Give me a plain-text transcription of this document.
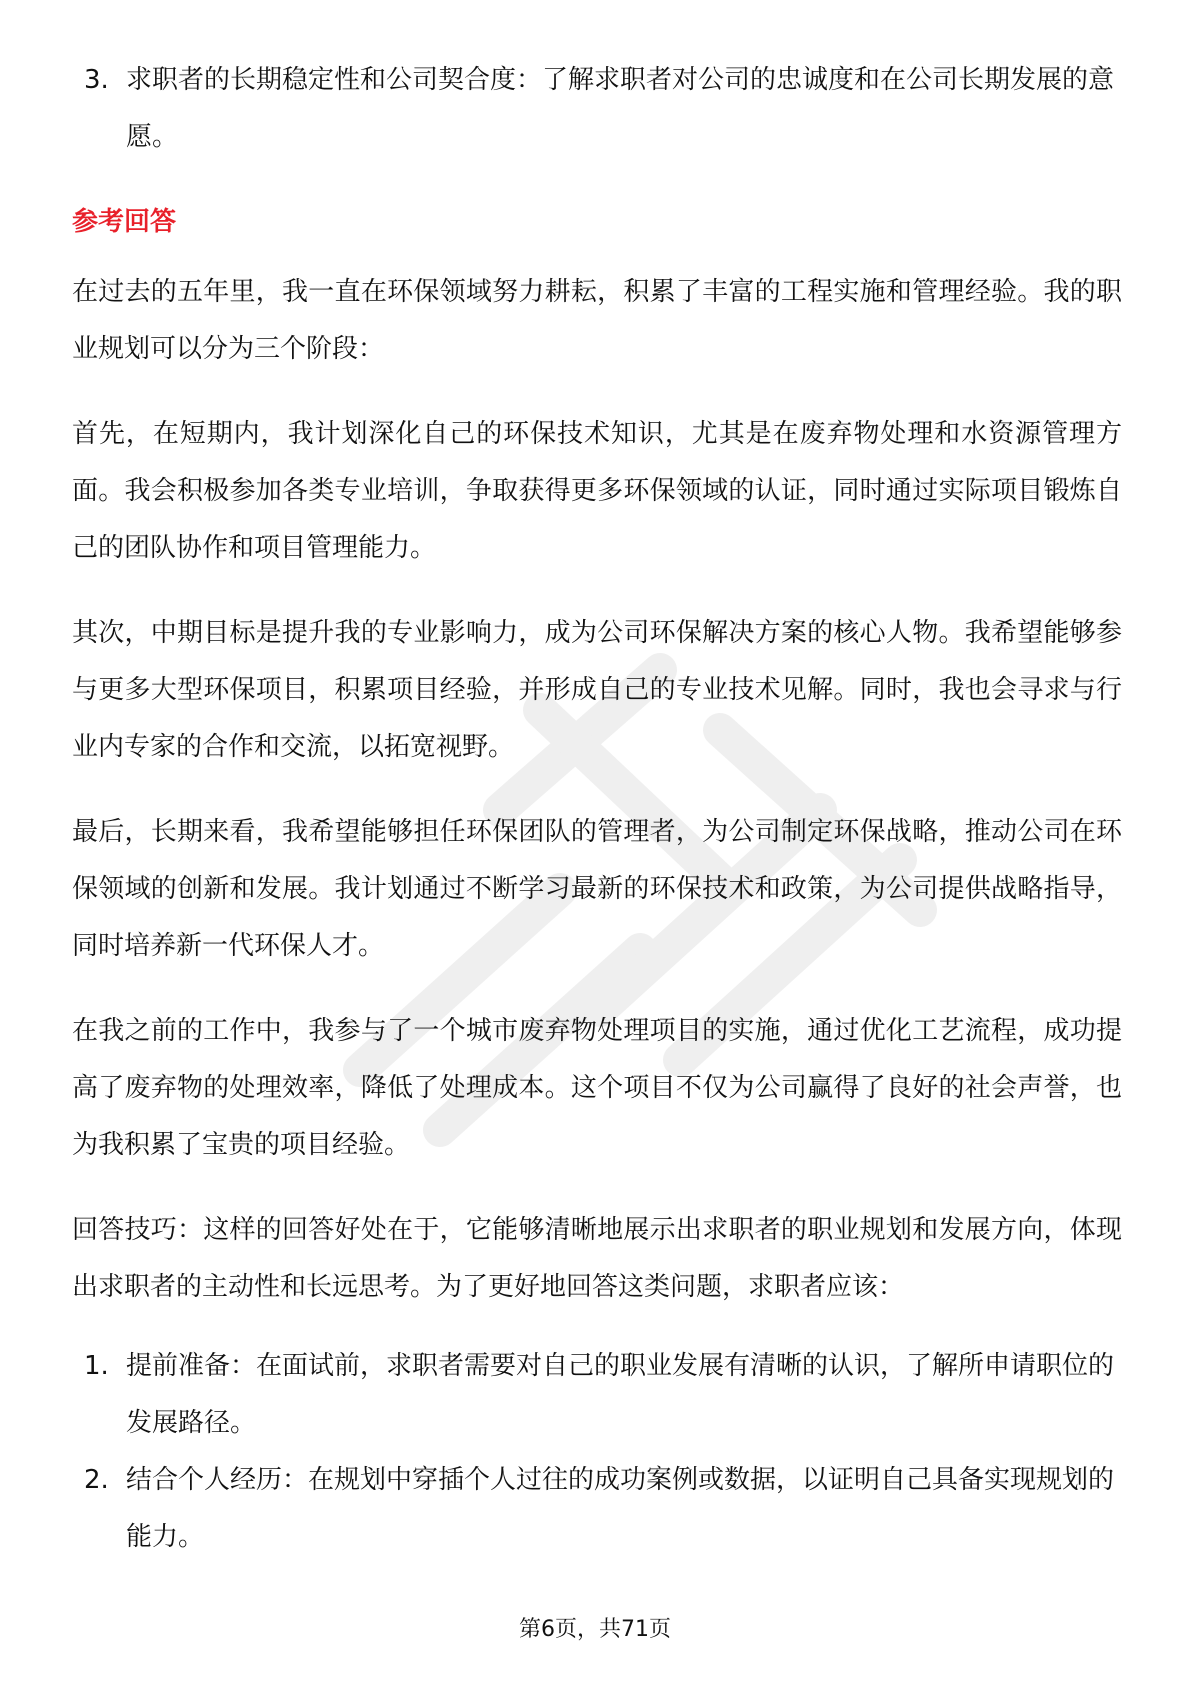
3. 求职者的长期稳定性和公司契合度：了解求职者对公司的忠诚度和在公司长期发展的意愿。
参考回答

在过去的五年里，我一直在环保领域努力耕耘，积累了丰富的工程实施和管理经验。我的职业规划可以分为三个阶段：

首先，在短期内，我计划深化自己的环保技术知识，尤其是在废弃物处理和水资源管理方面。我会积极参加各类专业培训，争取获得更多环保领域的认证，同时通过实际项目锻炼自己的团队协作和项目管理能力。

其次，中期目标是提升我的专业影响力，成为公司环保解决方案的核心人物。我希望能够参与更多大型环保项目，积累项目经验，并形成自己的专业技术见解。同时，我也会寻求与行业内专家的合作和交流，以拓宽视野。

最后，长期来看，我希望能够担任环保团队的管理者，为公司制定环保战略，推动公司在环保领域的创新和发展。我计划通过不断学习最新的环保技术和政策，为公司提供战略指导，同时培养新一代环保人才。

在我之前的工作中，我参与了一个城市废弃物处理项目的实施，通过优化工艺流程，成功提高了废弃物的处理效率，降低了处理成本。这个项目不仅为公司赢得了良好的社会声誉，也为我积累了宝贵的项目经验。

回答技巧：这样的回答好处在于，它能够清晰地展示出求职者的职业规划和发展方向，体现出求职者的主动性和长远思考。为了更好地回答这类问题，求职者应该：

1. 提前准备：在面试前，求职者需要对自己的职业发展有清晰的认识，了解所申请职位的发展路径。
2. 结合个人经历：在规划中穿插个人过往的成功案例或数据，以证明自己具备实现规划的能力。
第6页，共71页
